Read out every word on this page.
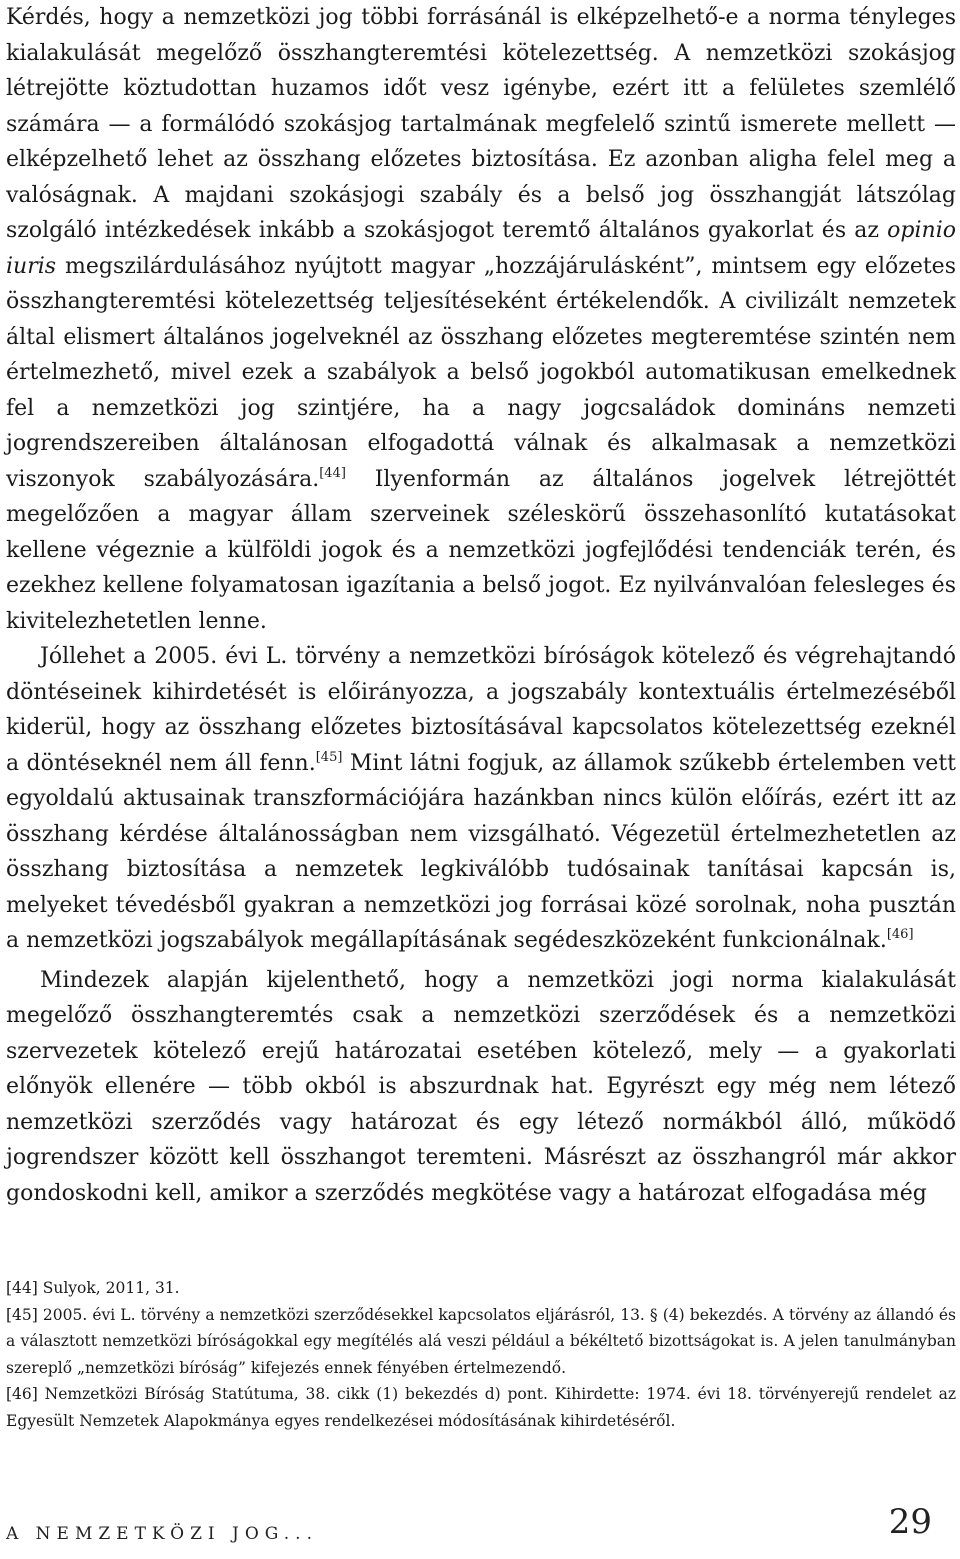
Kérdés, hogy a nemzetközi jog többi forrásánál is elképzelhető-e a norma tényleges kialakulását megelőző összhangteremtési kötelezettség. A nemzetközi szokásjog létrejötte köztudottan huzamos időt vesz igénybe, ezért itt a felületes szemlélő számára — a formálódó szokásjog tartalmának megfelelő szintű ismerete mellett — elképzelhető lehet az összhang előzetes biztosítása. Ez azonban aligha felel meg a valóságnak. A majdani szokásjogi szabály és a belső jog összhangját látszólag szolgáló intézkedések inkább a szokásjogot teremtő általános gyakorlat és az opinio iuris megszilárdulásához nyújtott magyar „hozzájárulásként”, mintsem egy előzetes összhangteremtési kötelezettség teljesítéseként értékelendők. A civilizált nemzetek által elismert általános jogelveknél az összhang előzetes megteremtése szintén nem értelmezhető, mivel ezek a szabályok a belső jogokból automatikusan emelkednek fel a nemzetközi jog szintjére, ha a nagy jogcsaládok domináns nemzeti jogrendszereiben általánosan elfogadottá válnak és alkalmasak a nemzetközi viszonyok szabályozására.[44] Ilyenformán az általános jogelvek létrejöttét megelőzően a magyar állam szerveinek széleskörű összehasonlító kutatásokat kellene végeznie a külföldi jogok és a nemzetközi jogfejlődési tendenciák terén, és ezekhez kellene folyamatosan igazítania a belső jogot. Ez nyilvánvalóan felesleges és kivitelezhetetlen lenne.

Jóllehet a 2005. évi L. törvény a nemzetközi bíróságok kötelező és végrehajtandó döntéseinek kihirdetését is előirányozza, a jogszabály kontextuális értelmezéséből kiderül, hogy az összhang előzetes biztosításával kapcsolatos kötelezettség ezeknél a döntéseknél nem áll fenn.[45] Mint látni fogjuk, az államok szűkebb értelemben vett egyoldalú aktusainak transzformációjára hazánkban nincs külön előírás, ezért itt az összhang kérdése általánosságban nem vizsgálható. Végezetül értelmezhetetlen az összhang biztosítása a nemzetek legkiválóbb tudósainak tanításai kapcsán is, melyeket tévedésből gyakran a nemzetközi jog forrásai közé sorolnak, noha pusztán a nemzetközi jogszabályok megállapításának segédeszközeként funkcionálnak.[46]

Mindezek alapján kijelenthető, hogy a nemzetközi jogi norma kialakulását megelőző összhangteremtés csak a nemzetközi szerződések és a nemzetközi szervezetek kötelező erejű határozatai esetében kötelező, mely — a gyakorlati előnyök ellenére — több okból is abszurdnak hat. Egyrészt egy még nem létező nemzetközi szerződés vagy határozat és egy létező normákból álló, működő jogrendszer között kell összhangot teremteni. Másrészt az összhangról már akkor gondoskodni kell, amikor a szerződés megkötése vagy a határozat elfogadása még

[44] Sulyok, 2011, 31.

[45] 2005. évi L. törvény a nemzetközi szerződésekkel kapcsolatos eljárásról, 13. § (4) bekezdés. A törvény az állandó és a választott nemzetközi bíróságokkal egy megítélés alá veszi például a békéltető bizottságokat is. A jelen tanulmányban szereplő „nemzetközi bíróság” kifejezés ennek fényében értelmezendő.

[46] Nemzetközi Bíróság Statútuma, 38. cikk (1) bekezdés d) pont. Kihirdette: 1974. évi 18. törvényerejű rendelet az Egyesült Nemzetek Alapokmánya egyes rendelkezései módosításának kihirdetéséről.

A NEMZETKÖZI JOG...	29
